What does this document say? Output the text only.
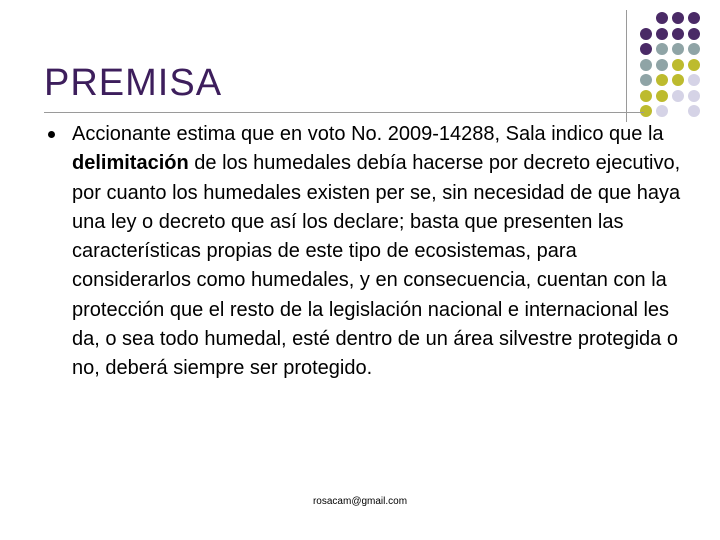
PREMISA
Accionante estima que en voto No. 2009-14288, Sala indico que la delimitación de los humedales debía hacerse por decreto ejecutivo, por cuanto los humedales existen per se, sin necesidad de que haya una ley o decreto que así los declare; basta que presenten las características propias de este tipo de ecosistemas, para considerarlos como humedales, y en consecuencia, cuentan con la protección que el resto de la legislación nacional e internacional les da, o sea todo humedal, esté dentro de un área silvestre protegida o no, deberá siempre ser protegido.
rosacam@gmail.com
